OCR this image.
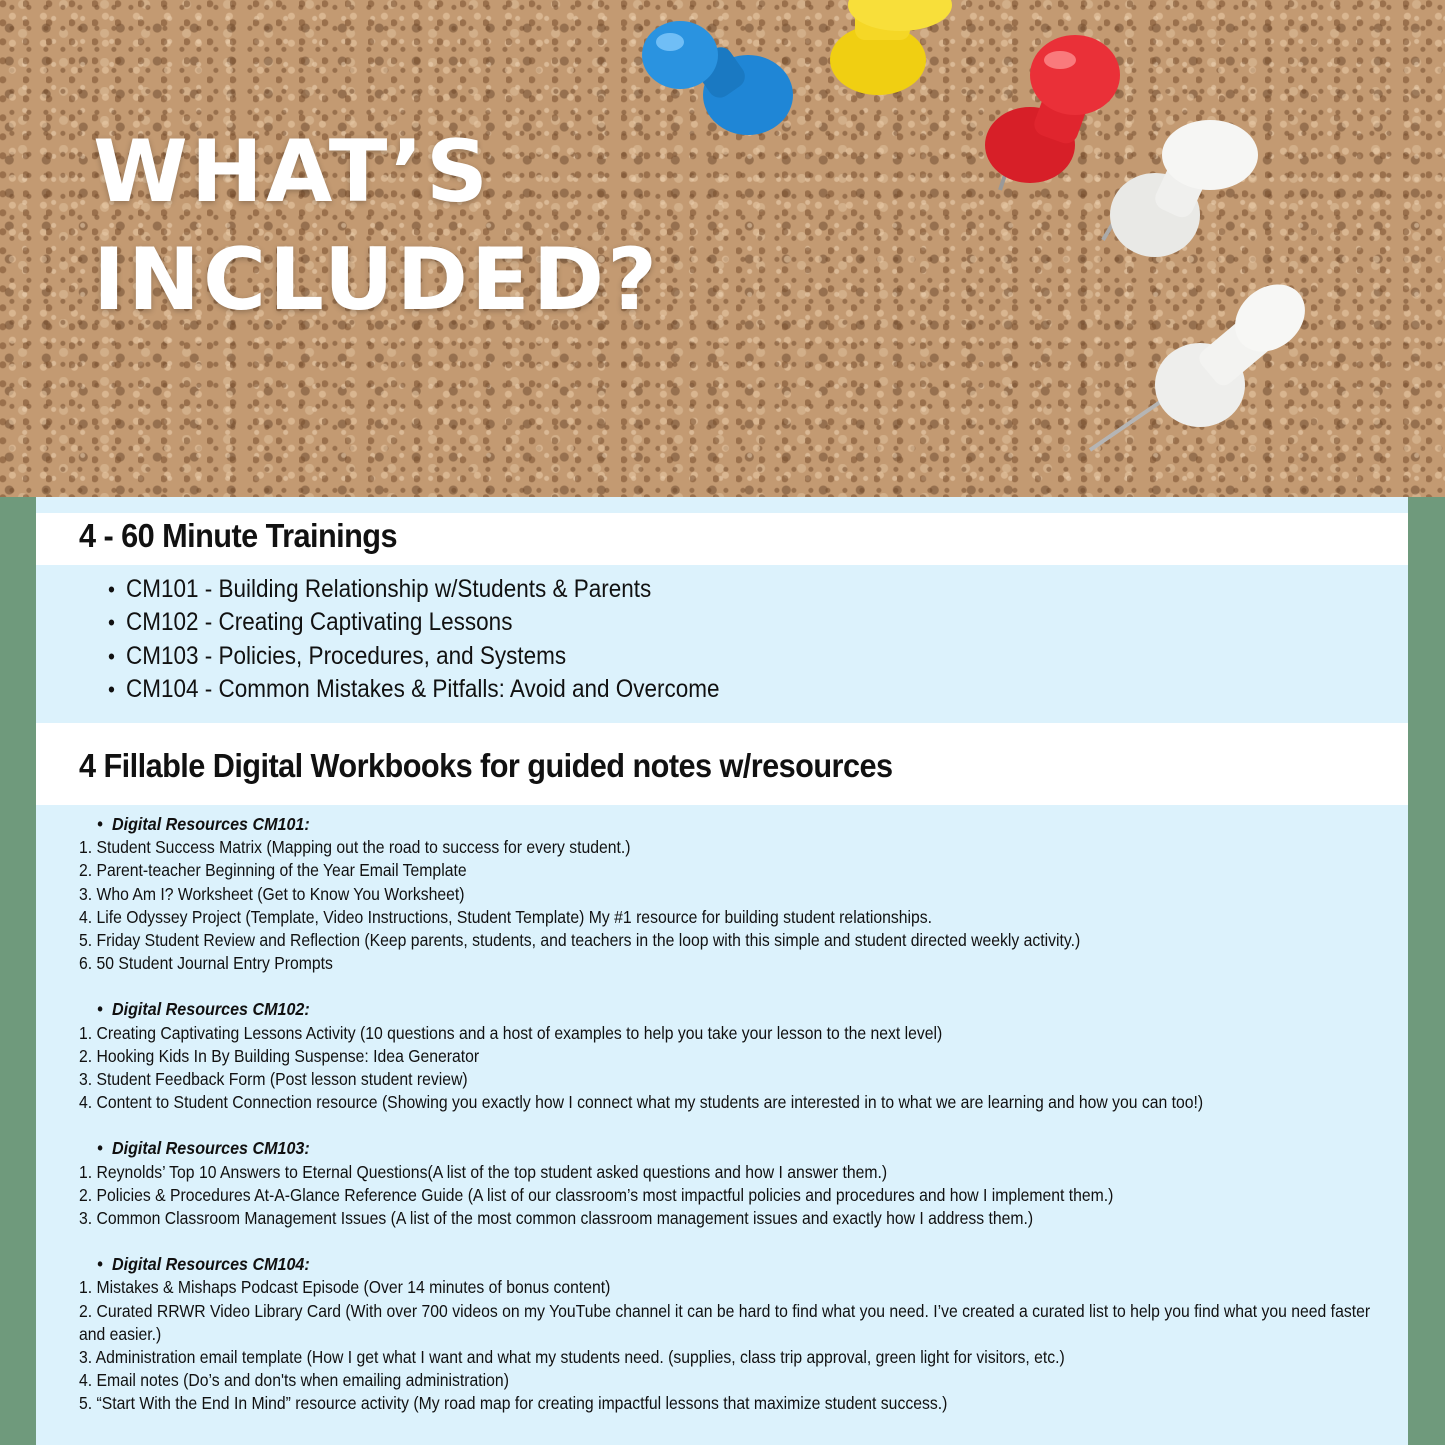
WHAT’S
INCLUDED?
4 - 60 Minute Trainings
• CM101 - Building Relationship w/Students & Parents
• CM102 - Creating Captivating Lessons
• CM103 - Policies, Procedures, and Systems
• CM104 - Common Mistakes & Pitfalls: Avoid and Overcome
4 Fillable Digital Workbooks for guided notes w/resources
• Digital Resources CM101:
1. Student Success Matrix (Mapping out the road to success for every student.)
2. Parent-teacher Beginning of the Year Email Template
3. Who Am I? Worksheet (Get to Know You Worksheet)
4. Life Odyssey Project (Template, Video Instructions, Student Template) My #1 resource for building student relationships.
5. Friday Student Review and Reflection (Keep parents, students, and teachers in the loop with this simple and student directed weekly activity.)
6. 50 Student Journal Entry Prompts
• Digital Resources CM102:
1. Creating Captivating Lessons Activity (10 questions and a host of examples to help you take your lesson to the next level)
2. Hooking Kids In By Building Suspense: Idea Generator
3. Student Feedback Form (Post lesson student review)
4. Content to Student Connection resource (Showing you exactly how I connect what my students are interested in to what we are learning and how you can too!)
• Digital Resources CM103:
1. Reynolds’ Top 10 Answers to Eternal Questions(A list of the top student asked questions and how I answer them.)
2. Policies & Procedures At-A-Glance Reference Guide (A list of our classroom’s most impactful policies and procedures and how I implement them.)
3. Common Classroom Management Issues (A list of the most common classroom management issues and exactly how I address them.)
• Digital Resources CM104:
1. Mistakes & Mishaps Podcast Episode (Over 14 minutes of bonus content)
2. Curated RRWR Video Library Card (With over 700 videos on my YouTube channel it can be hard to find what you need. I’ve created a curated list to help you find what you need faster and easier.)
3. Administration email template (How I get what I want and what my students need. (supplies, class trip approval, green light for visitors, etc.)
4. Email notes (Do’s and don'ts when emailing administration)
5. “Start With the End In Mind” resource activity (My road map for creating impactful lessons that maximize student success.)
